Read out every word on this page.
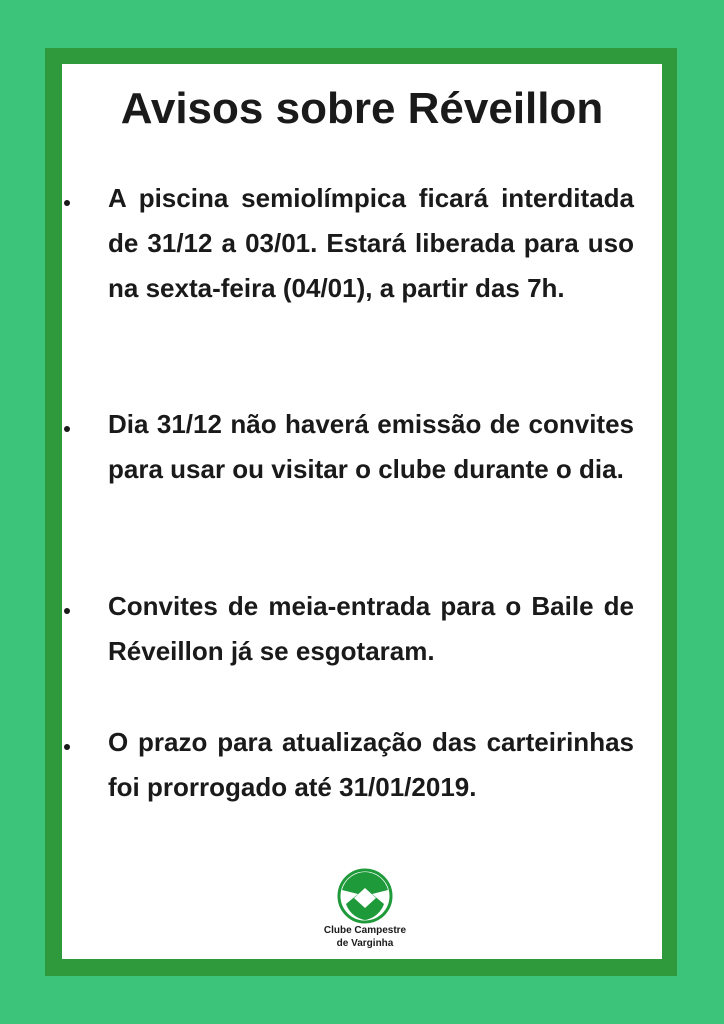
Avisos sobre Réveillon
A piscina semiolímpica ficará interditada de 31/12 a 03/01. Estará liberada para uso na sexta-feira (04/01), a partir das 7h.
Dia 31/12 não haverá emissão de convites para usar ou visitar o clube durante o dia.
Convites de meia-entrada para o Baile de Réveillon já se esgotaram.
O prazo para atualização das carteirinhas foi prorrogado até 31/01/2019.
Clube Campestre
de Varginha
